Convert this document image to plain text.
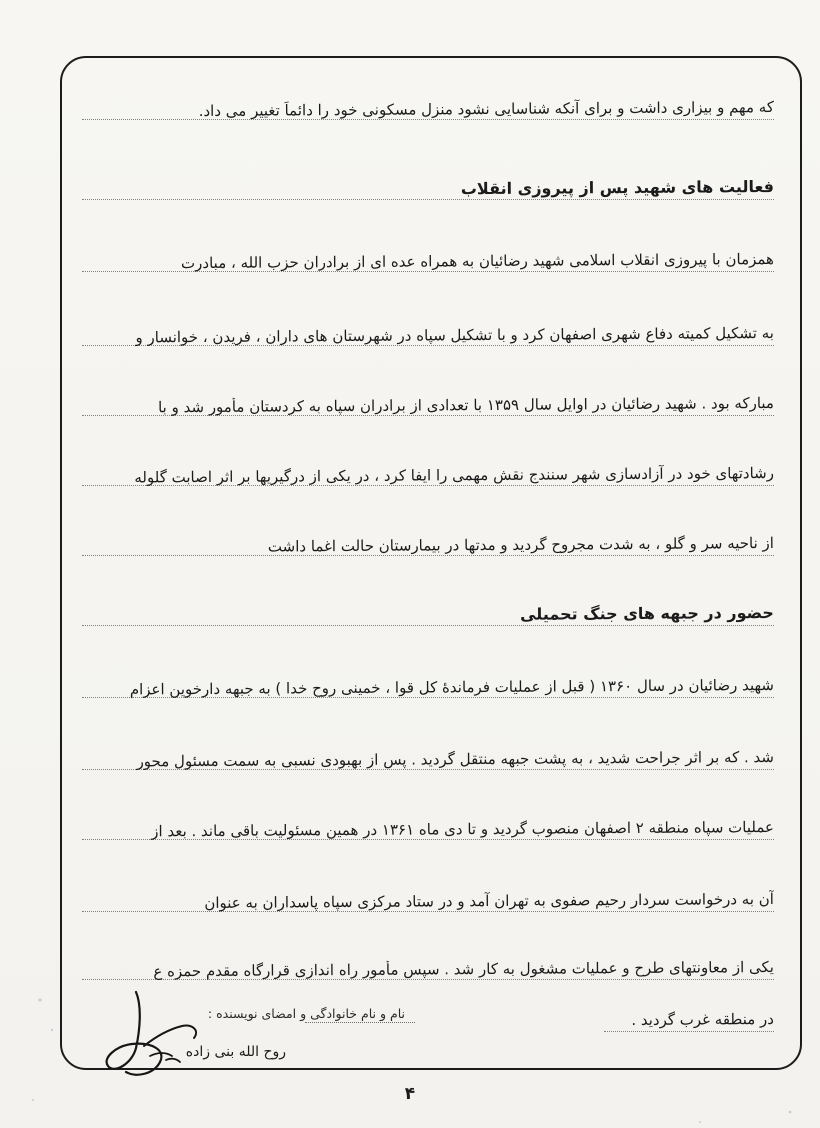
که مهم و بیزاری داشت و برای آنکه شناسایی نشود منزل مسکونی خود را دائماً تغییر می داد.
فعالیت های شهید پس از پیروزی انقلاب
همزمان با پیروزی انقلاب اسلامی شهید رضائیان به همراه عده ای از برادران حزب الله ، مبادرت
به تشکیل کمیته دفاع شهری اصفهان کرد و با تشکیل سپاه در شهرستان های داران ، فریدن ، خوانسار و
مبارکه بود . شهید رضائیان در اوایل سال ۱۳۵۹ با تعدادی از برادران سپاه به کردستان مأمور شد و با
رشادتهای خود در آزادسازی شهر سنندج نقش مهمی را ایفا کرد ، در یکی از درگیریها بر اثر اصابت گلوله
از ناحیه سر و گلو ، به شدت مجروح گردید و مدتها در بیمارستان حالت اغما داشت
حضور در جبهه های جنگ تحمیلی
شهید رضائیان در سال ۱۳۶۰ ( قبل از عملیات فرماندهٔ کل قوا ، خمینی روح خدا ) به جبهه دارخوین اعزام
شد . که بر اثر جراحت شدید ، به پشت جبهه منتقل گردید . پس از بهبودی نسبی به سمت مسئول محور
عملیات سپاه منطقه ۲ اصفهان منصوب گردید و تا دی ماه ۱۳۶۱ در همین مسئولیت باقی ماند . بعد از
آن به درخواست سردار رحیم صفوی به تهران آمد و در ستاد مرکزی سپاه پاسداران به عنوان
یکی از معاونتهای طرح و عملیات مشغول به کار شد . سپس مأمور راه اندازی قرارگاه مقدم حمزه ع
در منطقه غرب گردید .
نام و نام خانوادگی و امضای نویسنده :
روح الله بنی زاده
۴
